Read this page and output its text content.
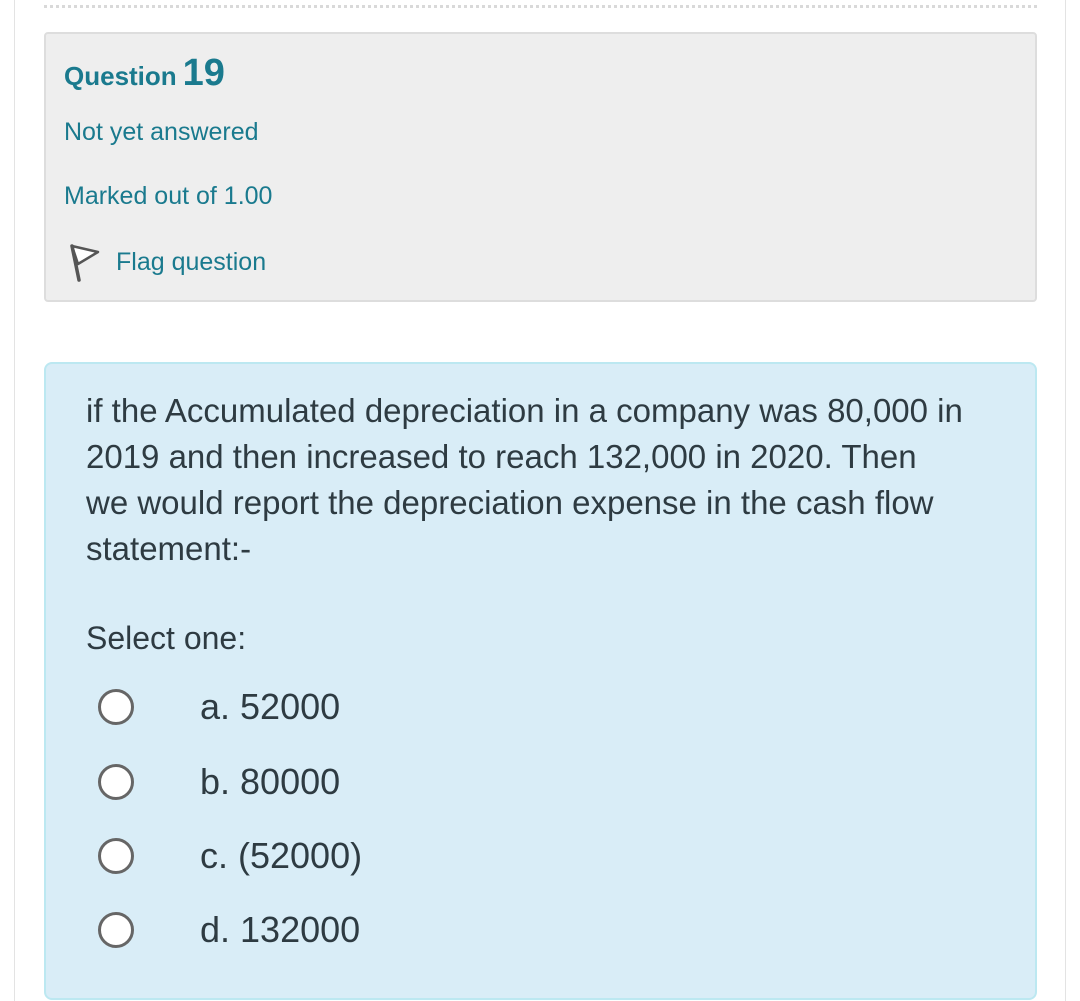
Question 19
Not yet answered
Marked out of 1.00
Flag question
if the Accumulated depreciation in a company was 80,000 in 2019 and then increased to reach 132,000 in 2020. Then we would report the depreciation expense in the cash flow statement:-
Select one:
a. 52000
b. 80000
c. (52000)
d. 132000
